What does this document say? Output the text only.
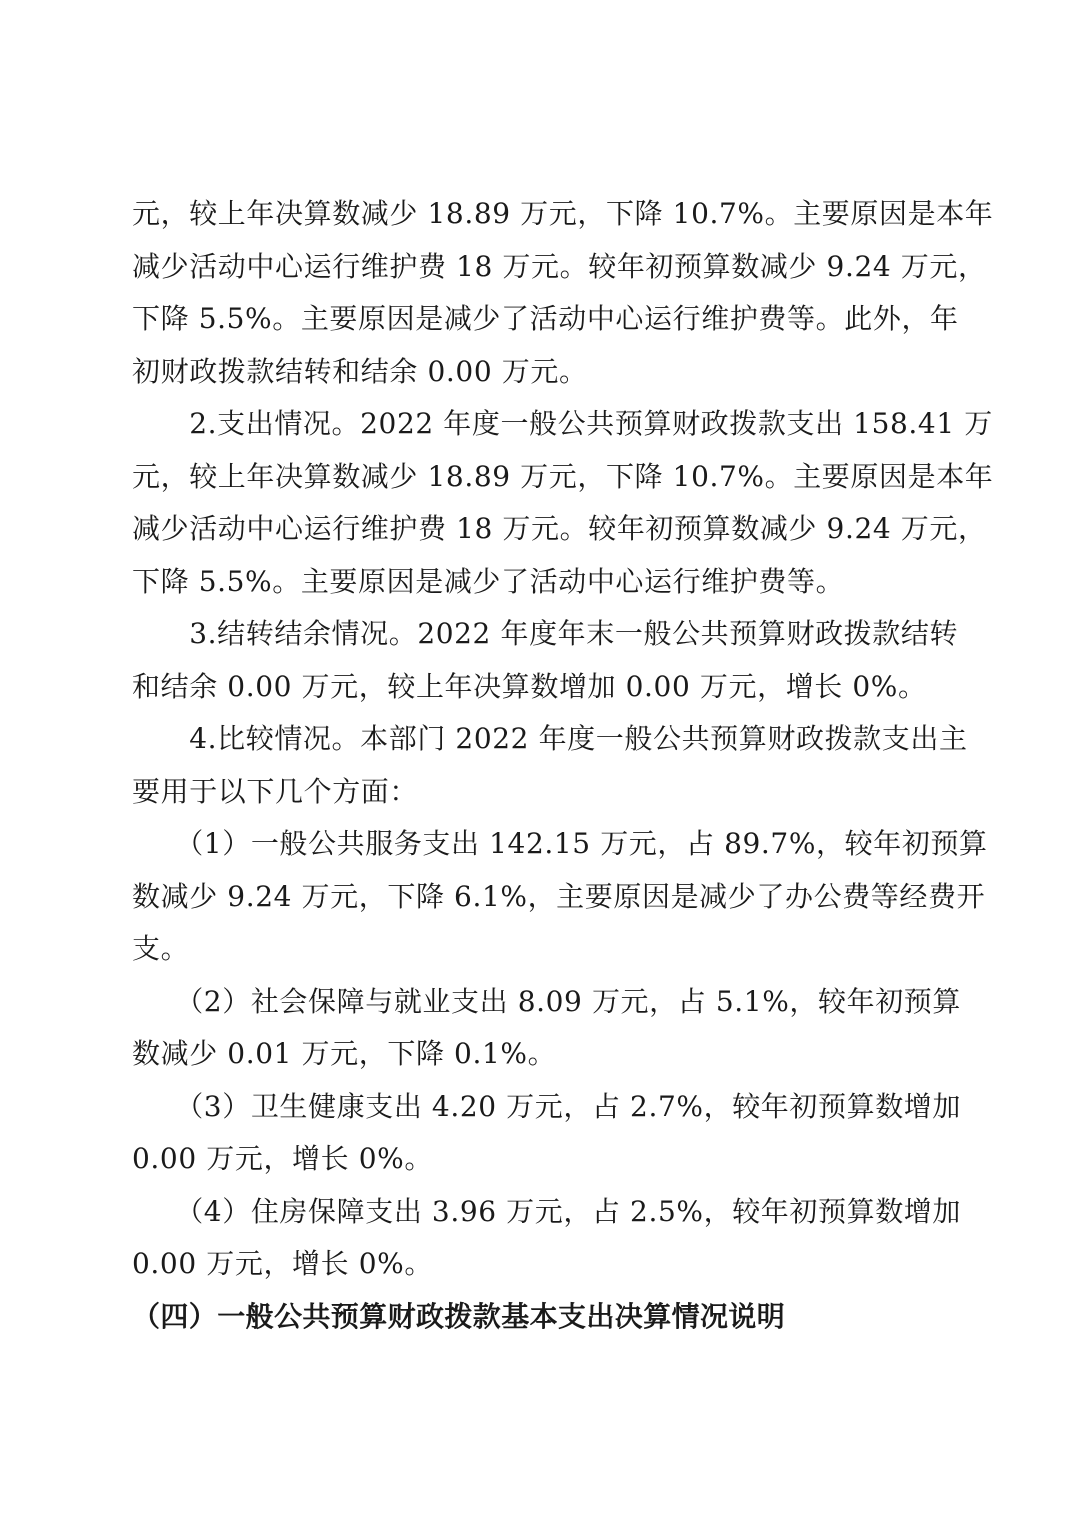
元，较上年决算数减少 18.89 万元，下降 10.7%。主要原因是本年
减少活动中心运行维护费 18 万元。较年初预算数减少 9.24 万元，
下降 5.5%。主要原因是减少了活动中心运行维护费等。此外，年
初财政拨款结转和结余 0.00 万元。
　　2.支出情况。2022 年度一般公共预算财政拨款支出 158.41 万
元，较上年决算数减少 18.89 万元，下降 10.7%。主要原因是本年
减少活动中心运行维护费 18 万元。较年初预算数减少 9.24 万元，
下降 5.5%。主要原因是减少了活动中心运行维护费等。
　　3.结转结余情况。2022 年度年末一般公共预算财政拨款结转
和结余 0.00 万元，较上年决算数增加 0.00 万元，增长 0%。
　　4.比较情况。本部门 2022 年度一般公共预算财政拨款支出主
要用于以下几个方面：
　　（1）一般公共服务支出 142.15 万元，占 89.7%，较年初预算
数减少 9.24 万元，下降 6.1%，主要原因是减少了办公费等经费开
支。
　　（2）社会保障与就业支出 8.09 万元，占 5.1%，较年初预算
数减少 0.01 万元，下降 0.1%。
　　（3）卫生健康支出 4.20 万元，占 2.7%，较年初预算数增加
0.00 万元，增长 0%。
　　（4）住房保障支出 3.96 万元，占 2.5%，较年初预算数增加
0.00 万元，增长 0%。
（四）一般公共预算财政拨款基本支出决算情况说明
